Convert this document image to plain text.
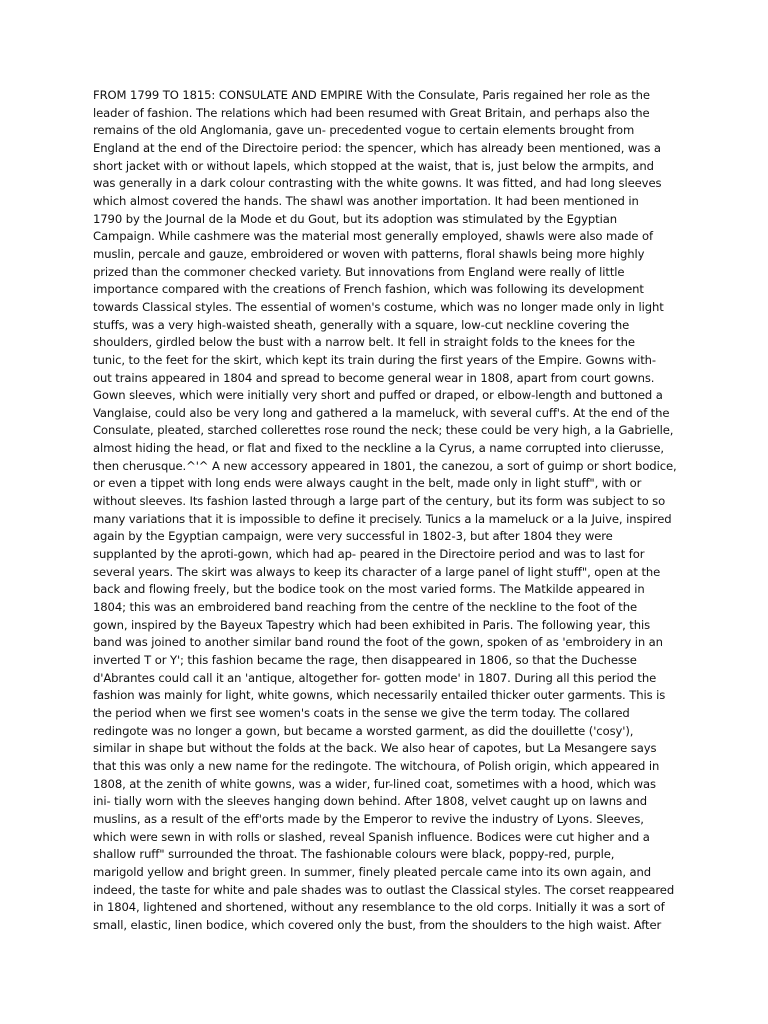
FROM 1799 TO 1815: CONSULATE AND EMPIRE With the Consulate, Paris regained her role as the
leader of fashion. The relations which had been resumed with Great Britain, and perhaps also the
remains of the old Anglomania, gave un- precedented vogue to certain elements brought from
England at the end of the Directoire period: the spencer, which has already been mentioned, was a
short jacket with or without lapels, which stopped at the waist, that is, just below the armpits, and
was generally in a dark colour contrasting with the white gowns. It was fitted, and had long sleeves
which almost covered the hands. The shawl was another importation. It had been mentioned in
1790 by the Journal de la Mode et du Gout, but its adoption was stimulated by the Egyptian
Campaign. While cashmere was the material most generally employed, shawls were also made of
muslin, percale and gauze, embroidered or woven with patterns, floral shawls being more highly
prized than the commoner checked variety. But innovations from England were really of little
importance compared with the creations of French fashion, which was following its development
towards Classical styles. The essential of women's costume, which was no longer made only in light
stuffs, was a very high-waisted sheath, generally with a square, low-cut neckline covering the
shoulders, girdled below the bust with a narrow belt. It fell in straight folds to the knees for the
tunic, to the feet for the skirt, which kept its train during the first years of the Empire. Gowns with-
out trains appeared in 1804 and spread to become general wear in 1808, apart from court gowns.
Gown sleeves, which were initially very short and puffed or draped, or elbow-length and buttoned a
Vanglaise, could also be very long and gathered a la mameluck, with several cuff's. At the end of the
Consulate, pleated, starched collerettes rose round the neck; these could be very high, a la Gabrielle,
almost hiding the head, or flat and fixed to the neckline a la Cyrus, a name corrupted into clierusse,
then cherusque.^'^ A new accessory appeared in 1801, the canezou, a sort of guimp or short bodice,
or even a tippet with long ends were always caught in the belt, made only in light stuff", with or
without sleeves. Its fashion lasted through a large part of the century, but its form was subject to so
many variations that it is impossible to define it precisely. Tunics a la mameluck or a la Juive, inspired
again by the Egyptian campaign, were very successful in 1802-3, but after 1804 they were
supplanted by the aproti-gown, which had ap- peared in the Directoire period and was to last for
several years. The skirt was always to keep its character of a large panel of light stuff", open at the
back and flowing freely, but the bodice took on the most varied forms. The Matkilde appeared in
1804; this was an embroidered band reaching from the centre of the neckline to the foot of the
gown, inspired by the Bayeux Tapestry which had been exhibited in Paris. The following year, this
band was joined to another similar band round the foot of the gown, spoken of as 'embroidery in an
inverted T or Y'; this fashion became the rage, then disappeared in 1806, so that the Duchesse
d'Abrantes could call it an 'antique, altogether for- gotten mode' in 1807. During all this period the
fashion was mainly for light, white gowns, which necessarily entailed thicker outer garments. This is
the period when we first see women's coats in the sense we give the term today. The collared
redingote was no longer a gown, but became a worsted garment, as did the douillette ('cosy'),
similar in shape but without the folds at the back. We also hear of capotes, but La Mesangere says
that this was only a new name for the redingote. The witchoura, of Polish origin, which appeared in
1808, at the zenith of white gowns, was a wider, fur-lined coat, sometimes with a hood, which was
ini- tially worn with the sleeves hanging down behind. After 1808, velvet caught up on lawns and
muslins, as a result of the eff'orts made by the Emperor to revive the industry of Lyons. Sleeves,
which were sewn in with rolls or slashed, reveal Spanish influence. Bodices were cut higher and a
shallow ruff" surrounded the throat. The fashionable colours were black, poppy-red, purple,
marigold yellow and bright green. In summer, finely pleated percale came into its own again, and
indeed, the taste for white and pale shades was to outlast the Classical styles. The corset reappeared
in 1804, lightened and shortened, without any resemblance to the old corps. Initially it was a sort of
small, elastic, linen bodice, which covered only the bust, from the shoulders to the high waist. After
